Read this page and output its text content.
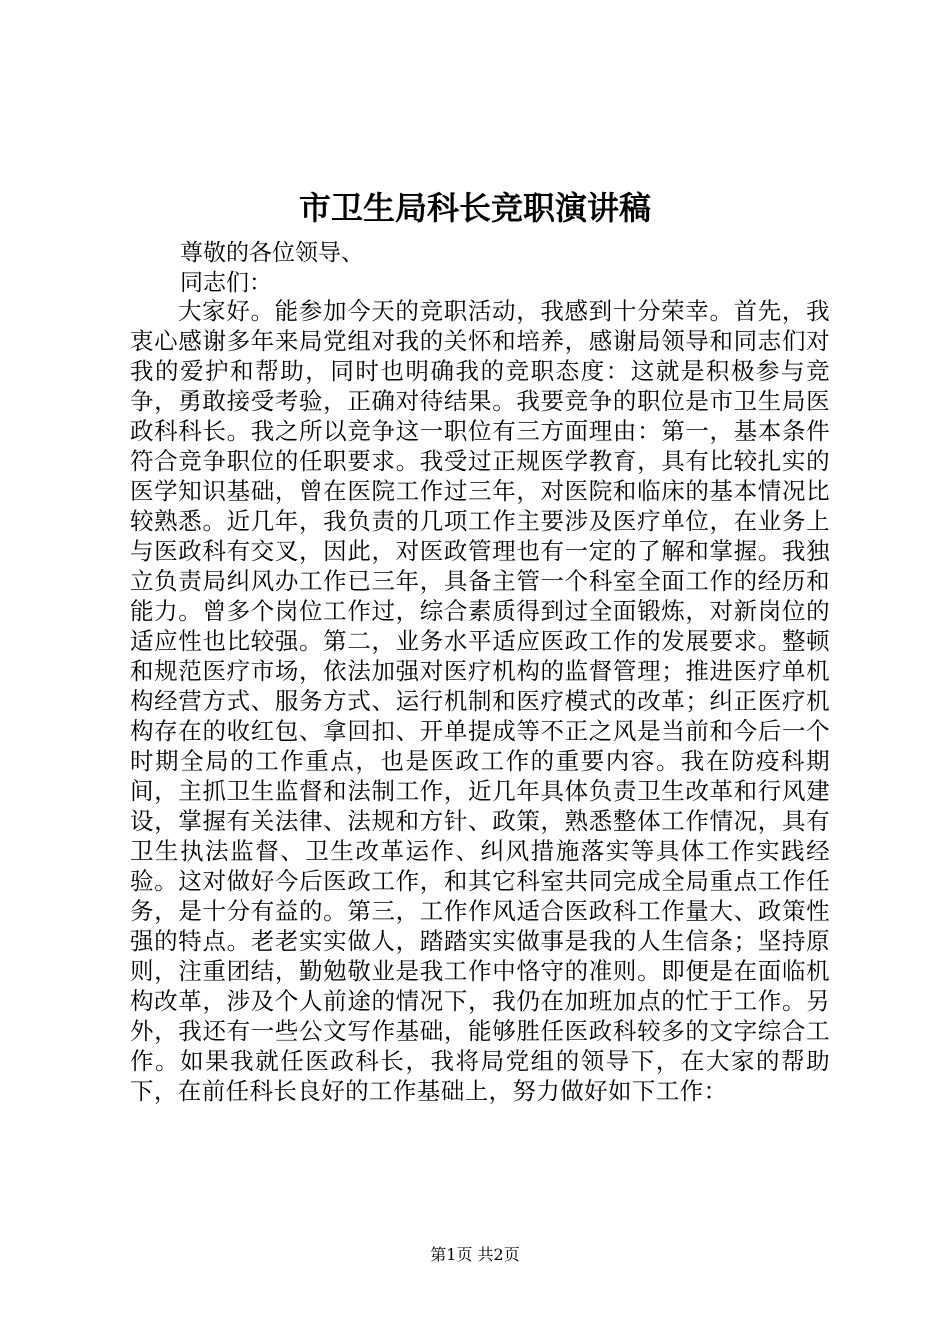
市卫生局科长竞职演讲稿
尊敬的各位领导、
同志们：

大家好。能参加今天的竞职活动，我感到十分荣幸。首先，我衷心感谢多年来局党组对我的关怀和培养，感谢局领导和同志们对我的爱护和帮助，同时也明确我的竞职态度：这就是积极参与竞争，勇敢接受考验，正确对待结果。我要竞争的职位是市卫生局医政科科长。我之所以竞争这一职位有三方面理由：第一，基本条件符合竞争职位的任职要求。我受过正规医学教育，具有比较扎实的医学知识基础，曾在医院工作过三年，对医院和临床的基本情况比较熟悉。近几年，我负责的几项工作主要涉及医疗单位，在业务上与医政科有交叉，因此，对医政管理也有一定的了解和掌握。我独立负责局纠风办工作已三年，具备主管一个科室全面工作的经历和能力。曾多个岗位工作过，综合素质得到过全面锻炼，对新岗位的适应性也比较强。第二，业务水平适应医政工作的发展要求。整顿和规范医疗市场，依法加强对医疗机构的监督管理；推进医疗单机构经营方式、服务方式、运行机制和医疗模式的改革；纠正医疗机构存在的收红包、拿回扣、开单提成等不正之风是当前和今后一个时期全局的工作重点，也是医政工作的重要内容。我在防疫科期间，主抓卫生监督和法制工作，近几年具体负责卫生改革和行风建设，掌握有关法律、法规和方针、政策，熟悉整体工作情况，具有卫生执法监督、卫生改革运作、纠风措施落实等具体工作实践经验。这对做好今后医政工作，和其它科室共同完成全局重点工作任务，是十分有益的。第三，工作作风适合医政科工作量大、政策性强的特点。老老实实做人，踏踏实实做事是我的人生信条；坚持原则，注重团结，勤勉敬业是我工作中恪守的准则。即便是在面临机构改革，涉及个人前途的情况下，我仍在加班加点的忙于工作。另外，我还有一些公文写作基础，能够胜任医政科较多的文字综合工作。如果我就任医政科长，我将局党组的领导下，在大家的帮助下，在前任科长良好的工作基础上，努力做好如下工作：

第1页 共2页
